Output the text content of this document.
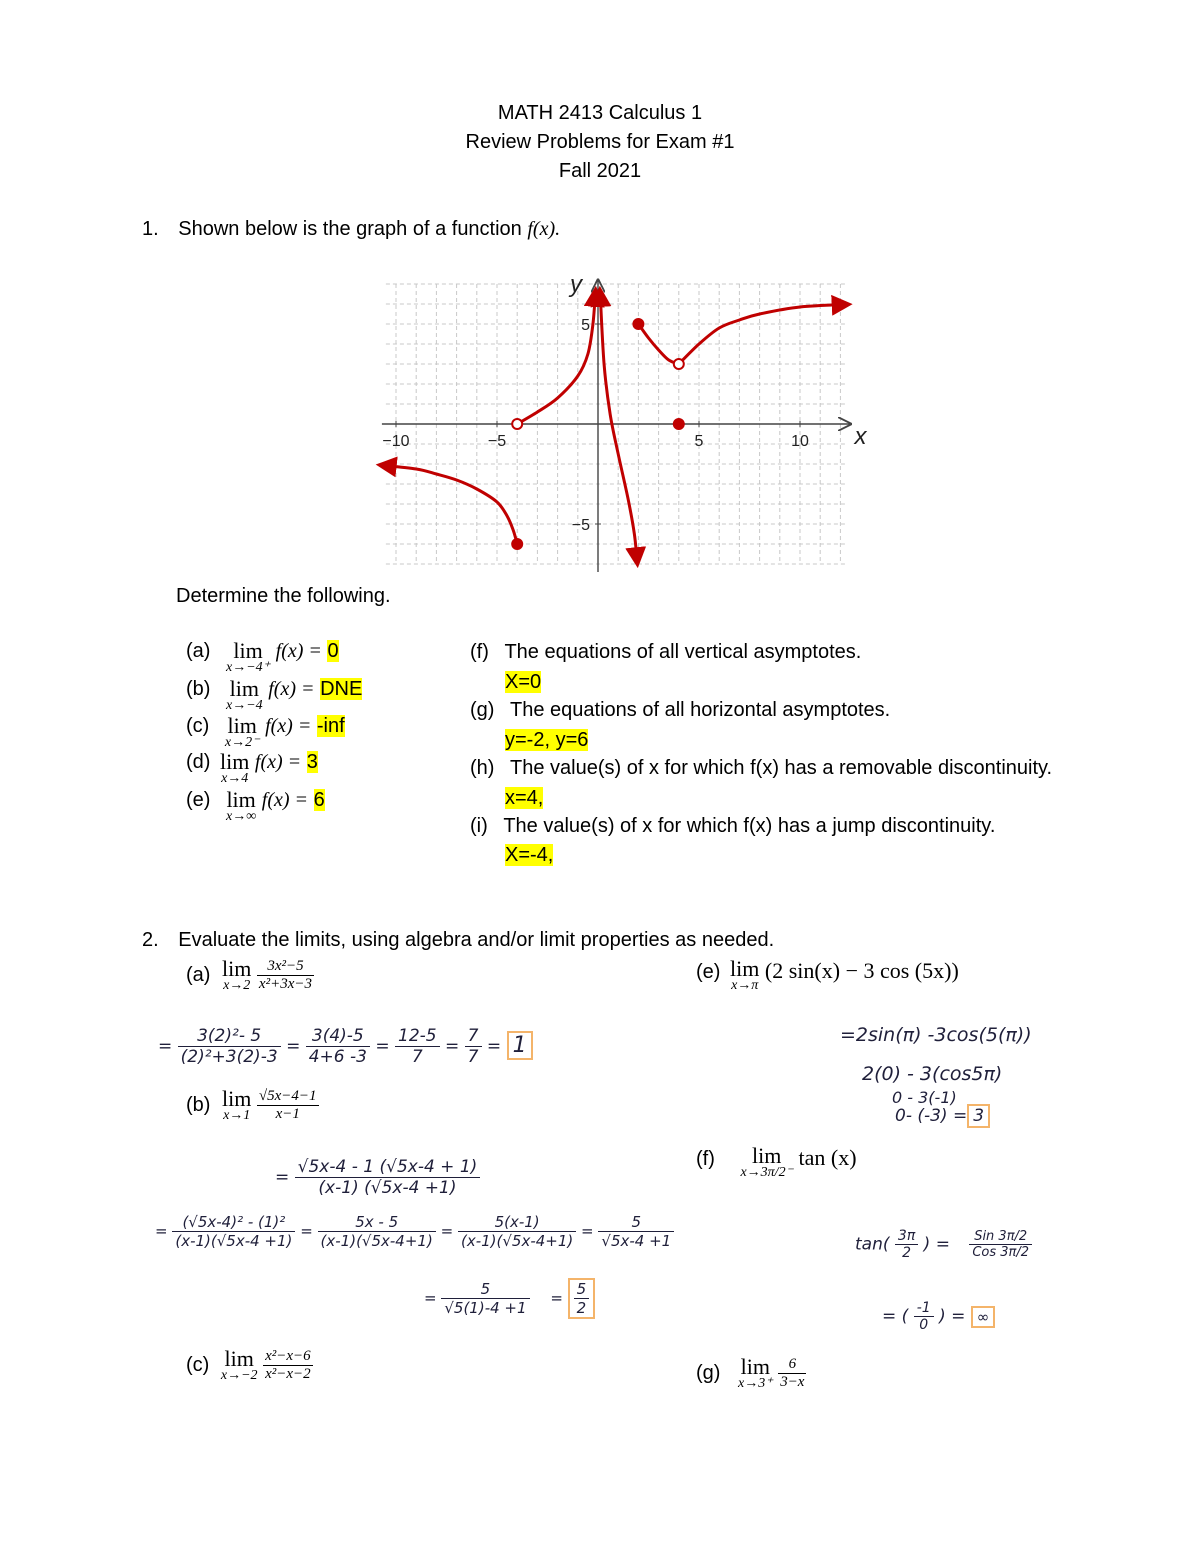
MATH 2413 Calculus 1
Review Problems for Exam #1
Fall 2021
1. Shown below is the graph of a function f(x).
−10	−5	5	10
5
−5
x
y
Determine the following.
(a) lim
x→−4⁺
f(x) = 0
(b) lim
x→−4
f(x) = DNE
(c) lim
x→2⁻
f(x) = -inf
(d) lim
x→4
f(x) = 3
(e) lim
x→∞
f(x) = 6
(f) The equations of all vertical asymptotes.
X=0
(g) The equations of all horizontal asymptotes.
y=-2, y=6
(h) The value(s) of x for which f(x) has a removable discontinuity.
x=4,
(i) The value(s) of x for which f(x) has a jump discontinuity.
X=-4,
2. Evaluate the limits, using algebra and/or limit properties as needed.
(a) lim
x→2
$\frac{\text{3x²−5}}{\text{x²+3x−3}}$
= $\frac{\text{3(2)²- 5}}{\text{(2)²+3(2)-3}} = \frac{3(4)-5}{4+6 -3} = \frac{12-5}{7} = \frac{7}{7} = 1$
(b) lim
x→1
$\frac{√5x-4-1}{x-1}$
= $\frac{√5x-4 - 1 (√5x-4 + 1)}{(x-1) (√5x-4 +1)}$
= $\frac{\text{(√5x-4)² - (1)²}}{(x-1)(√5x-4 +1)} = \frac{5x - 5}{(x-1)(√5x-4+1)} = \frac{5(x-1)}{(x-1)(√5x-4+1)} = \frac{5}{√5x-4 +1}$
= $\frac{5}{√5(1)-4 +1} = \frac{5}{2}$
(c) lim
x→−2
$\frac{\text{x²−x−6}}{\text{x²−x−2}}$
(e) lim
x→π
(2 sin(x) − 3 cos (5x))
=2sin(π) -3cos(5(π))
2(0) - 3(cos5π)
0 - 3(-1)
0- (-3) = 3
(f) lim
x→3π/2⁻
tan (x)
$\tan( \frac{3\pi}{2}$ ) =	Sin 3π/2
Cos 3π/2
= ( $\frac{-1}{0}$ ) = ∞
(g) lim
x→3⁺
$\frac{6}{3-x}$
